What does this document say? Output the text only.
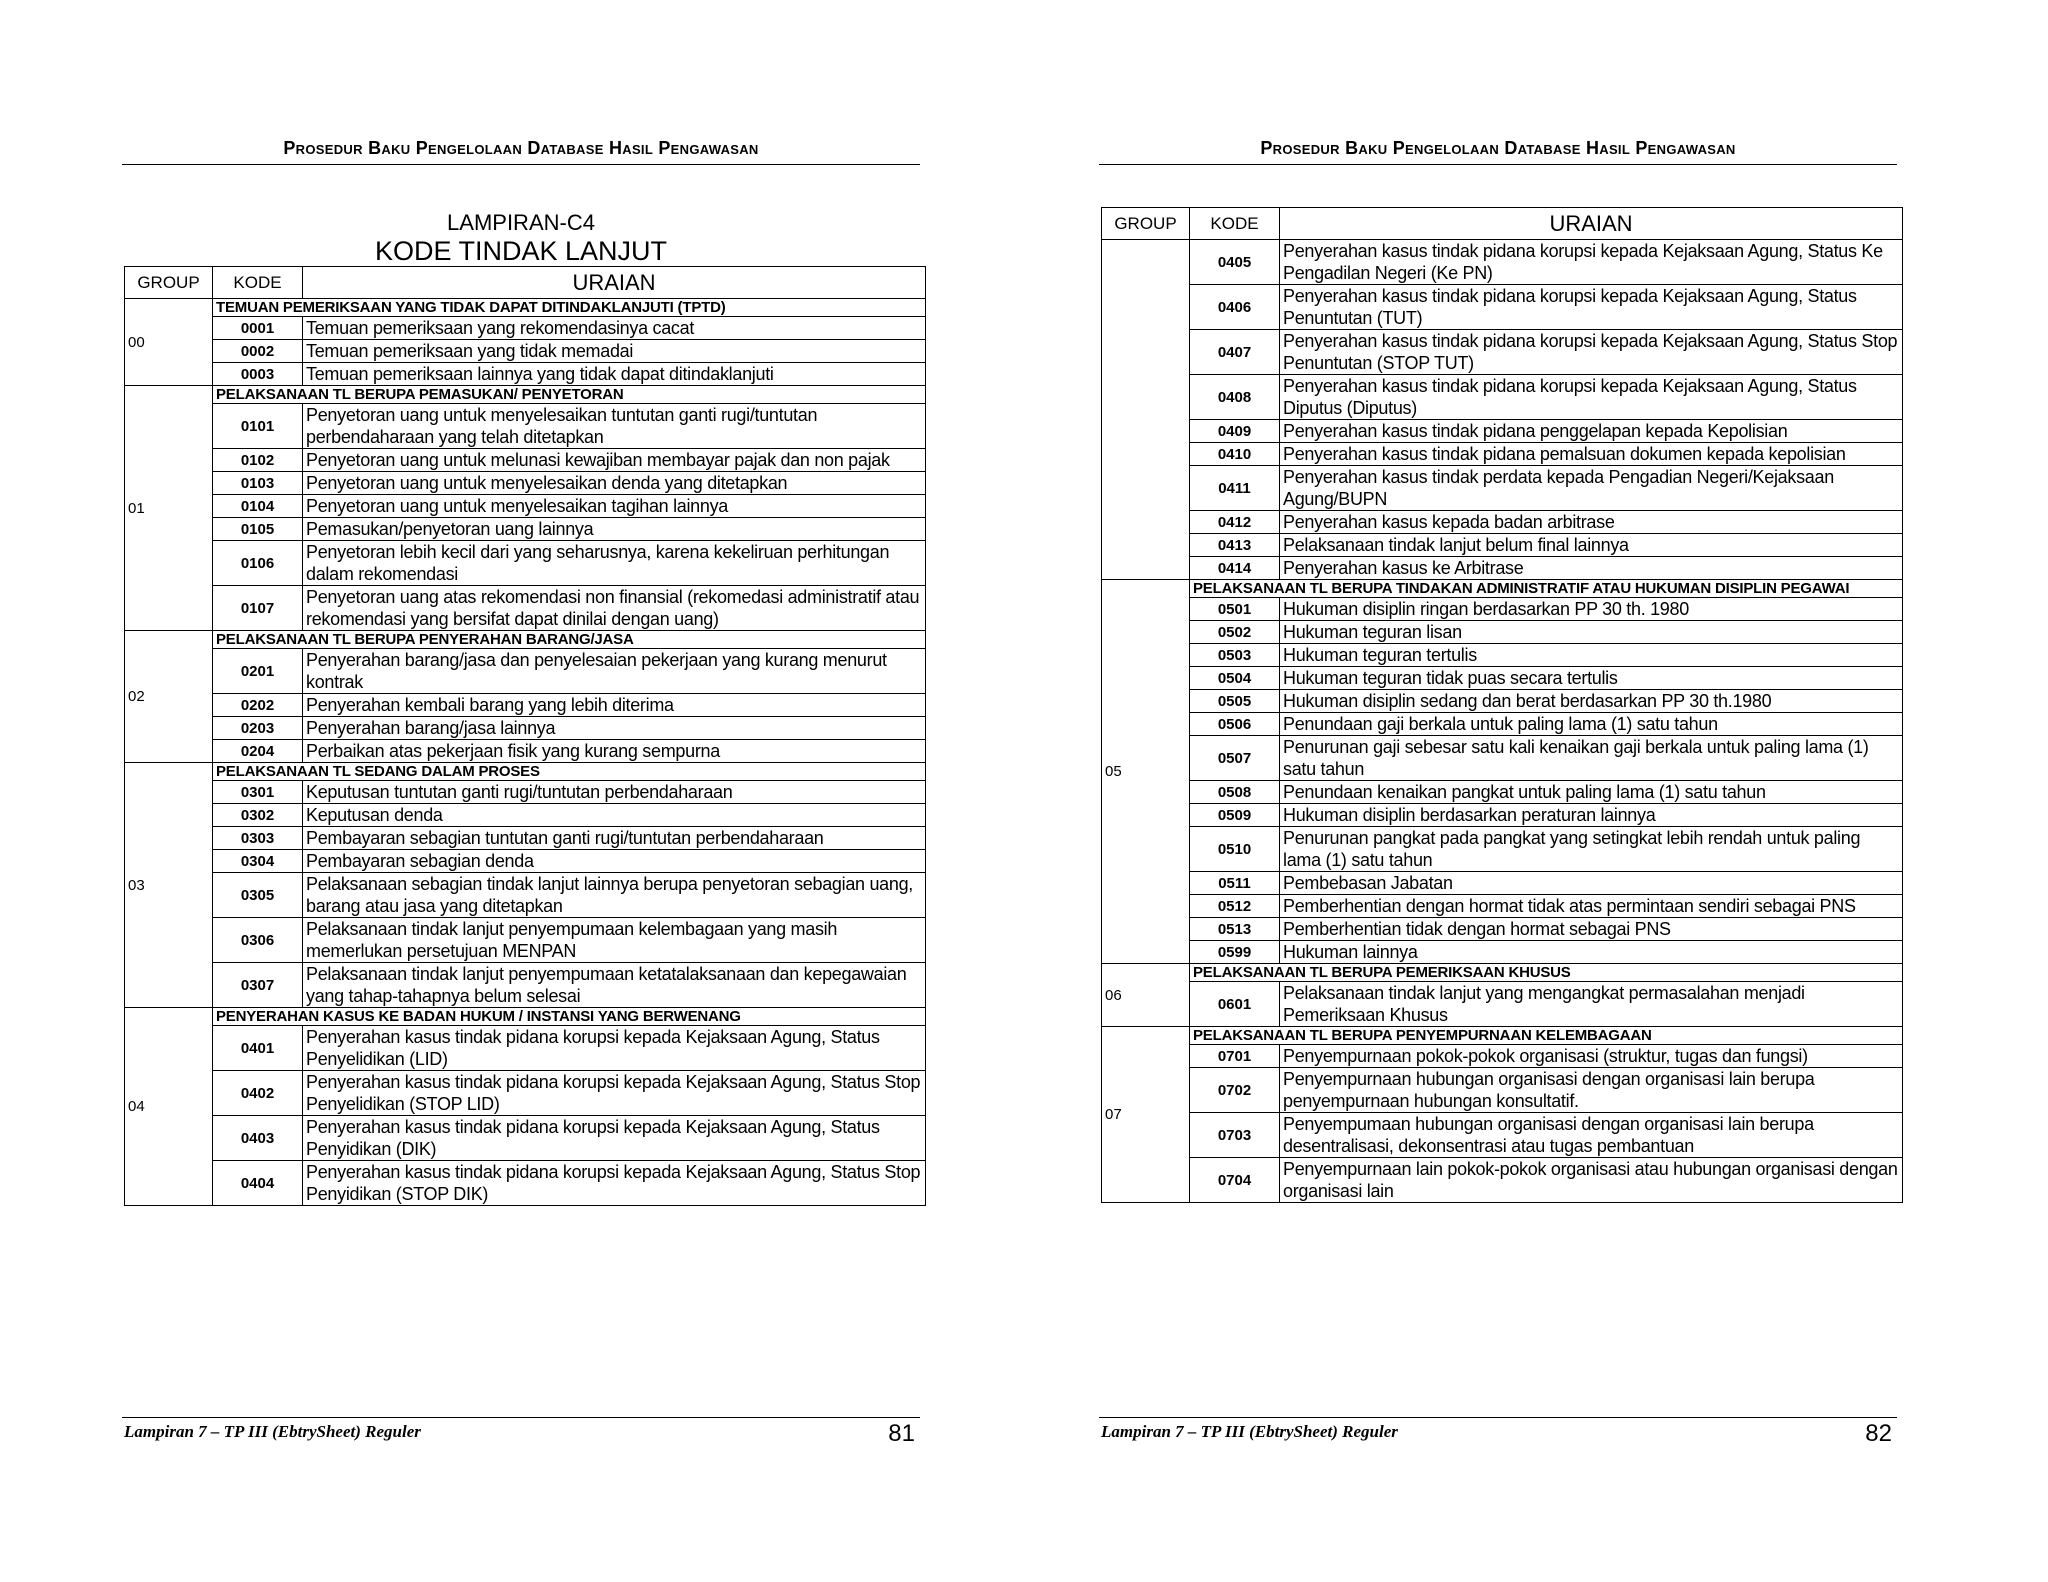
Prosedur Baku Pengelolaan Database Hasil Pengawasan
LAMPIRAN-C4
KODE TINDAK LANJUT
GROUP	KODE	URAIAN
00	TEMUAN PEMERIKSAAN YANG TIDAK DAPAT DITINDAKLANJUTI (TPTD)	
	0001	Temuan pemeriksaan yang rekomendasinya cacat
	0002	Temuan pemeriksaan yang tidak memadai
	0003	Temuan pemeriksaan lainnya yang tidak dapat ditindaklanjuti
01	PELAKSANAAN TL BERUPA PEMASUKAN/ PENYETORAN	
	0101	Penyetoran uang untuk menyelesaikan tuntutan ganti rugi/tuntutan perbendaharaan yang telah ditetapkan
	0102	Penyetoran uang untuk melunasi kewajiban membayar pajak dan non pajak
	0103	Penyetoran uang untuk menyelesaikan denda yang ditetapkan
	0104	Penyetoran uang untuk menyelesaikan tagihan lainnya
	0105	Pemasukan/penyetoran uang lainnya
	0106	Penyetoran lebih kecil dari yang seharusnya, karena kekeliruan perhitungan dalam rekomendasi
	0107	Penyetoran uang atas rekomendasi non finansial (rekomedasi administratif atau rekomendasi yang bersifat dapat dinilai dengan uang)
02	PELAKSANAAN TL BERUPA PENYERAHAN BARANG/JASA	
	0201	Penyerahan barang/jasa dan penyelesaian pekerjaan yang kurang menurut kontrak
	0202	Penyerahan kembali barang yang lebih diterima
	0203	Penyerahan barang/jasa lainnya
	0204	Perbaikan atas pekerjaan fisik yang kurang sempurna
03	PELAKSANAAN TL SEDANG DALAM PROSES	
	0301	Keputusan tuntutan ganti rugi/tuntutan perbendaharaan
	0302	Keputusan denda
	0303	Pembayaran sebagian tuntutan ganti rugi/tuntutan perbendaharaan
	0304	Pembayaran sebagian denda
	0305	Pelaksanaan sebagian tindak lanjut lainnya berupa penyetoran sebagian uang, barang atau jasa yang ditetapkan
	0306	Pelaksanaan tindak lanjut penyempumaan kelembagaan yang masih memerlukan persetujuan MENPAN
	0307	Pelaksanaan tindak lanjut penyempumaan ketatalaksanaan dan kepegawaian yang tahap-tahapnya belum selesai
04	PENYERAHAN KASUS KE BADAN HUKUM / INSTANSI YANG BERWENANG	
	0401	Penyerahan kasus tindak pidana korupsi kepada Kejaksaan Agung, Status Penyelidikan (LID)
	0402	Penyerahan kasus tindak pidana korupsi kepada Kejaksaan Agung, Status Stop Penyelidikan (STOP LID)
	0403	Penyerahan kasus tindak pidana korupsi kepada Kejaksaan Agung, Status Penyidikan (DIK)
	0404	Penyerahan kasus tindak pidana korupsi kepada Kejaksaan Agung, Status Stop Penyidikan (STOP DIK)
Lampiran 7 – TP III (EbtrySheet) Reguler	81
Prosedur Baku Pengelolaan Database Hasil Pengawasan
GROUP	KODE	URAIAN
	0405	Penyerahan kasus tindak pidana korupsi kepada Kejaksaan Agung, Status Ke Pengadilan Negeri (Ke PN)
	0406	Penyerahan kasus tindak pidana korupsi kepada Kejaksaan Agung, Status Penuntutan (TUT)
	0407	Penyerahan kasus tindak pidana korupsi kepada Kejaksaan Agung, Status Stop Penuntutan (STOP TUT)
	0408	Penyerahan kasus tindak pidana korupsi kepada Kejaksaan Agung, Status Diputus (Diputus)
	0409	Penyerahan kasus tindak pidana penggelapan kepada Kepolisian
	0410	Penyerahan kasus tindak pidana pemalsuan dokumen kepada kepolisian
	0411	Penyerahan kasus tindak perdata kepada Pengadian Negeri/Kejaksaan Agung/BUPN
	0412	Penyerahan kasus kepada badan arbitrase
	0413	Pelaksanaan tindak lanjut belum final lainnya
	0414	Penyerahan kasus ke Arbitrase
05	PELAKSANAAN TL BERUPA TINDAKAN ADMINISTRATIF ATAU HUKUMAN DISIPLIN PEGAWAI	
	0501	Hukuman disiplin ringan berdasarkan PP 30 th. 1980
	0502	Hukuman teguran lisan
	0503	Hukuman teguran tertulis
	0504	Hukuman teguran tidak puas secara tertulis
	0505	Hukuman disiplin sedang dan berat berdasarkan PP 30 th.1980
	0506	Penundaan gaji berkala untuk paling lama (1) satu tahun
	0507	Penurunan gaji sebesar satu kali kenaikan gaji berkala untuk paling lama (1) satu tahun
	0508	Penundaan kenaikan pangkat untuk paling lama (1) satu tahun
	0509	Hukuman disiplin berdasarkan peraturan lainnya
	0510	Penurunan pangkat pada pangkat yang setingkat lebih rendah untuk paling lama (1) satu tahun
	0511	Pembebasan Jabatan
	0512	Pemberhentian dengan hormat tidak atas permintaan sendiri sebagai PNS
	0513	Pemberhentian tidak dengan hormat sebagai PNS
	0599	Hukuman lainnya
06	PELAKSANAAN TL BERUPA PEMERIKSAAN KHUSUS	
	0601	Pelaksanaan tindak lanjut yang mengangkat permasalahan menjadi Pemeriksaan Khusus
07	PELAKSANAAN TL BERUPA PENYEMPURNAAN KELEMBAGAAN	
	0701	Penyempurnaan pokok-pokok organisasi (struktur, tugas dan fungsi)
	0702	Penyempurnaan hubungan organisasi dengan organisasi lain berupa penyempurnaan hubungan konsultatif.
	0703	Penyempumaan hubungan organisasi dengan organisasi lain berupa desentralisasi, dekonsentrasi atau tugas pembantuan
	0704	Penyempurnaan lain pokok-pokok organisasi atau hubungan organisasi dengan organisasi lain
Lampiran 7 – TP III (EbtrySheet) Reguler	82
